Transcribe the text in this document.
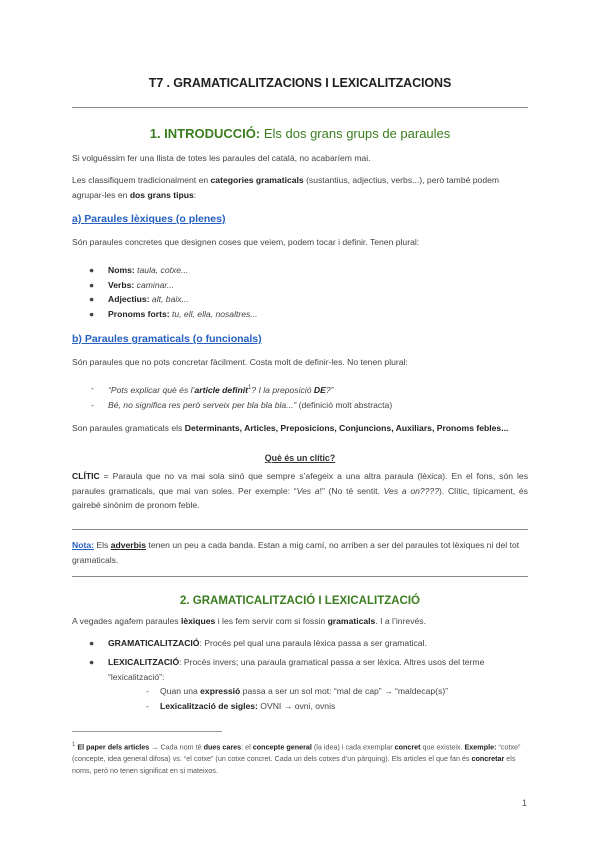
T7 . GRAMATICALITZACIONS I LEXICALITZACIONS
1. INTRODUCCIÓ: Els dos grans grups de paraules

Si volguéssim fer una llista de totes les paraules del català, no acabaríem mai.

Les classifiquem tradicionalment en categories gramaticals (sustantius, adjectius, verbs...), però també podem agrupar-les en dos grans tipus:

a) Paraules lèxiques (o plenes)

Són paraules concretes que designen coses que veiem, podem tocar i definir. Tenen plural:

● Noms: taula, cotxe...
● Verbs: caminar...
● Adjectius: alt, baix...
● Pronoms forts: tu, ell, ella, nosaltres...
b) Paraules gramaticals (o funcionals)

Són paraules que no pots concretar fàcilment. Costa molt de definir-les. No tenen plural:

- “Pots explicar què és l’article definit$^1$? I la preposició DE?”
- Bé, no significa res però serveix per bla bla bla...” (definició molt abstracta)

Son paraules gramaticals els Determinants, Articles, Preposicions, Conjuncions, Auxiliars, Pronoms febles...

Què és un clític?

CLÍTIC = Paraula que no va mai sola sinó que sempre s’afegeix a una altra paraula (lèxica). En el fons, són les paraules gramaticals, que mai van soles. Per exemple: “Ves a!” (No té sentit. Ves a on????). Clític, típicament, és gairebé sinònim de pronom feble.

Nota: Els adverbis tenen un peu a cada banda. Estan a mig camí, no arriben a ser del paraules tot lèxiques ni del tot gramaticals.

2. GRAMATICALITZACIÓ I LEXICALITZACIÓ

A vegades agafem paraules lèxiques i les fem servir com si fossin gramaticals. I a l’inrevés.

● GRAMATICALITZACIÓ: Procés pel qual una paraula lèxica passa a ser gramatical.
● LEXICALITZACIÓ: Procés invers; una paraula gramatical passa a ser lèxica. Altres usos del terme “lexicalització”:
- Quan una expressió passa a ser un sol mot: “mal de cap” → “maldecap(s)”
- Lexicalització de sigles: OVNI → ovni, ovnis

$^1$ El paper dels articles → Cada nom té dues cares: el concepte general (la idea) i cada exemplar concret que existeix. Exemple: “cotxe” (concepte, idea general difosa) vs. “el cotxe” (un cotxe concret. Cada un dels cotxes d’un pàrquing). Els articles el que fan és concretar els noms, però no tenen significat en si mateixos.

1
